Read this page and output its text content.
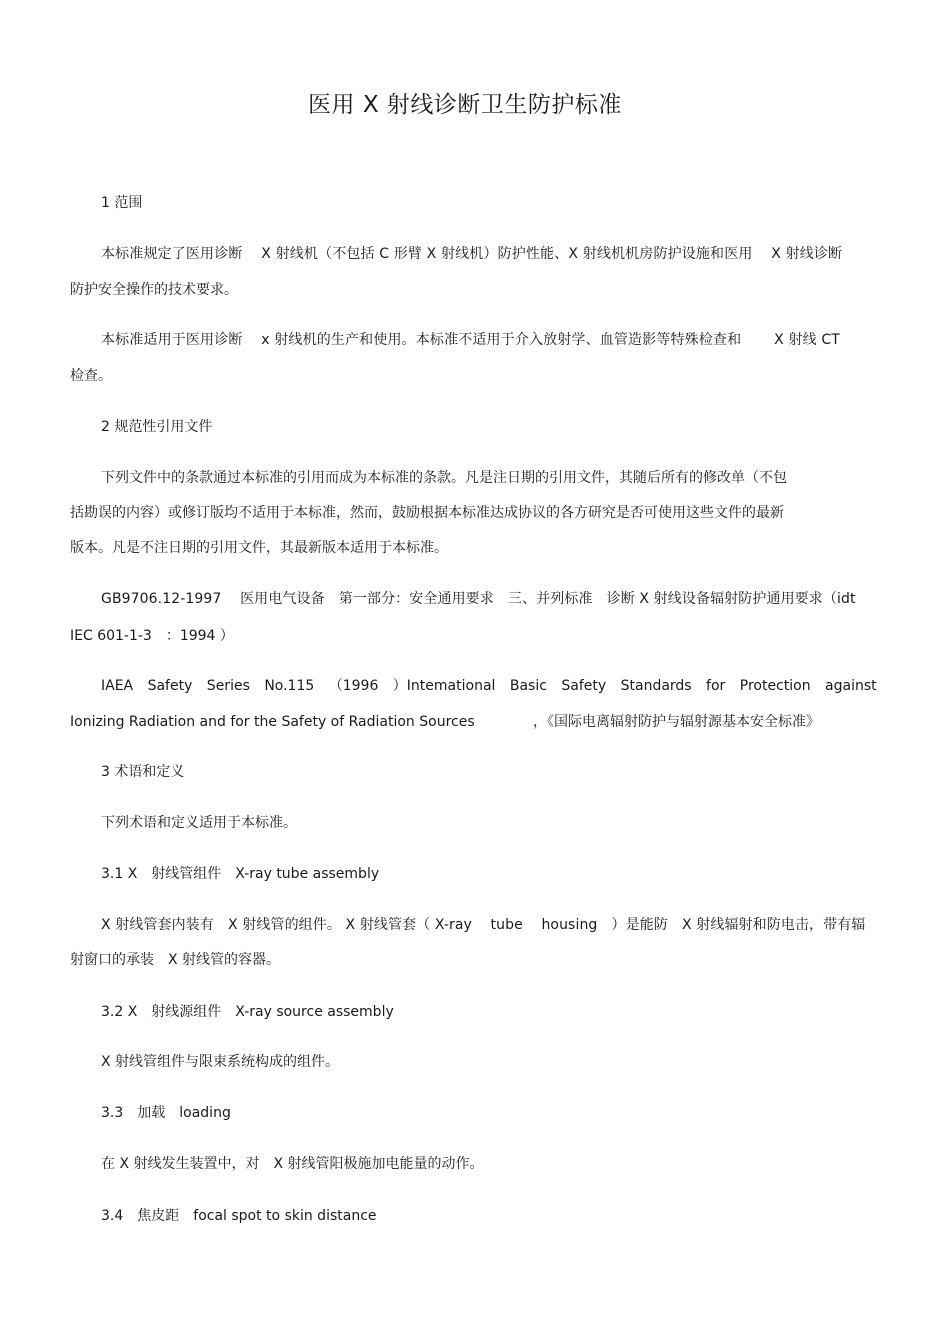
医用 X 射线诊断卫生防护标准
1 范围
本标准规定了医用诊断　 X 射线机（不包括 C 形臂 X 射线机）防护性能、X 射线机机房防护设施和医用　 X 射线诊断
防护安全操作的技术要求。
本标准适用于医用诊断　 x 射线机的生产和使用。本标准不适用于介入放射学、血管造影等特殊检查和　　 X 射线 CT
检查。
2 规范性引用文件
下列文件中的条款通过本标准的引用而成为本标准的条款。凡是注日期的引用文件，其随后所有的修改单（不包
括勘误的内容）或修订版均不适用于本标准，然而，鼓励根据本标准达成协议的各方研究是否可使用这些文件的最新
版本。凡是不注日期的引用文件，其最新版本适用于本标准。
GB9706.12-1997　 医用电气设备　第一部分：安全通用要求　三、并列标准　诊断 X 射线设备辐射防护通用要求（idt
IEC 601-1-3　：1994 ）
IAEA Safety Series No.115 （1996 ）Intemational Basic Safety Standards for Protection against
Ionizing Radiation and for the Safety of Radiation Sources	，《国际电离辐射防护与辐射源基本安全标准》
3 术语和定义
下列术语和定义适用于本标准。
3.1 X　射线管组件　X-ray tube assembly
X 射线管套内装有　X 射线管的组件。 X 射线管套（ X-ray　 tube　 housing　）是能防　X 射线辐射和防电击，带有辐
射窗口的承装　X 射线管的容器。
3.2 X　射线源组件　X-ray source assembly
X 射线管组件与限束系统构成的组件。
3.3　加载　loading
在 X 射线发生装置中，对　X 射线管阳极施加电能量的动作。
3.4　焦皮距　focal spot to skin distance
